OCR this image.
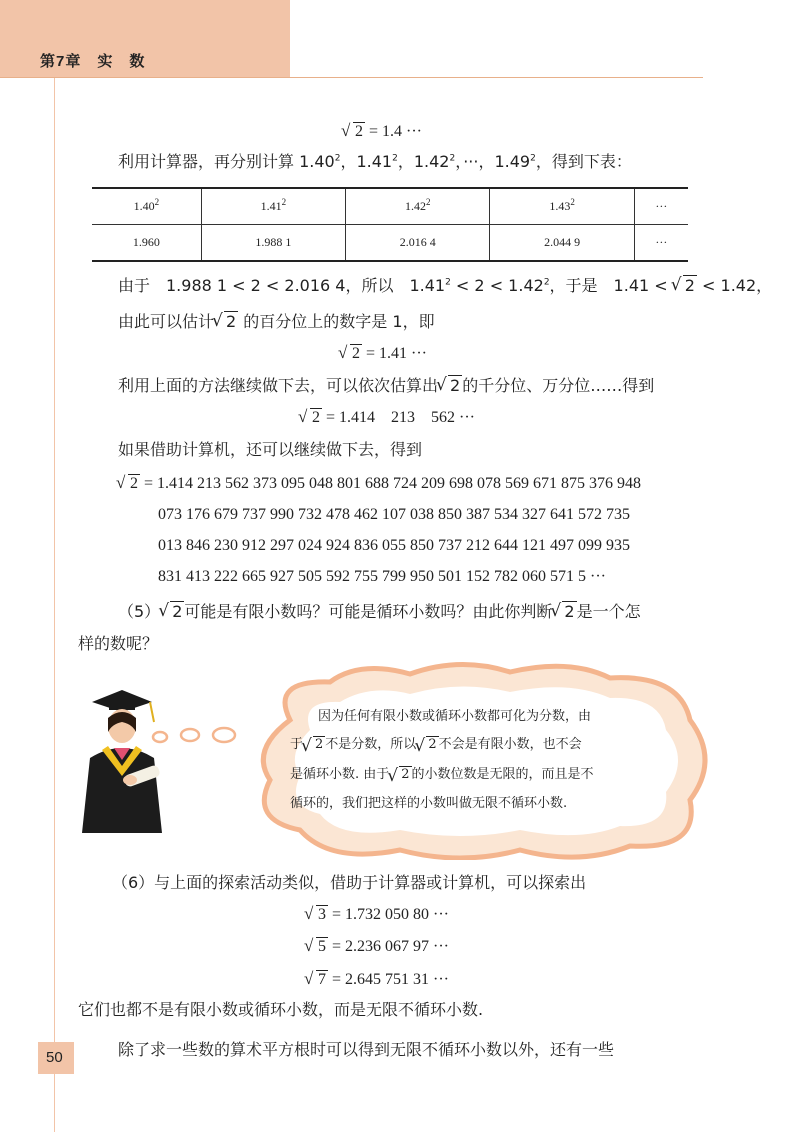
第7章　实　数
√ 2 = 1.4 ···
利用计算器，再分别计算 1.40$^2$，1.41$^2$，$1.42^2$，···，$1.49^2$，得到下表：
1.40$^2$	1.41$^2$	1.42$^2$	$1.43^2$	···
1.960	1.988 1	2.016 4	2.044 9	···
由于　1.988 1 < 2 < 2.016 4，所以　$1.41^2 < 2 < 1.42^2$，于是　1.41 < √ 2 < 1.42，
由此可以估计 √ 2 的百分位上的数字是 1，即
√ 2 = 1.41 ···
利用上面的方法继续做下去，可以依次估算出 √ 2 的千分位、万分位……得到
√ 2 = 1.414　213　562 ···
如果借助计算机，还可以继续做下去，得到
√ 2 = 1.414 213 562 373 095 048 801 688 724 209 698 078 569 671 875 376 948
073 176 679 737 990 732 478 462 107 038 850 387 534 327 641 572 735
013 846 230 912 297 024 924 836 055 850 737 212 644 121 497 099 935
831 413 222 665 927 505 592 755 799 950 501 152 782 060 571 5 ···
（5） √ 2 可能是有限小数吗？可能是循环小数吗？由此你判断 √ 2 是一个怎
样的数呢？
因为任何有限小数或循环小数都可化为分数，由
于 √ 2 不是分数，所以 √ 2 不会是有限小数，也不会
是循环小数. 由于 √ 2 的小数位数是无限的，而且是不
循环的，我们把这样的小数叫做无限不循环小数.
（6）与上面的探索活动类似，借助于计算器或计算机，可以探索出
√ 3 = 1.732 050 80 ···
√ 5 = 2.236 067 97 ···
√ 7 = 2.645 751 31 ···
它们也都不是有限小数或循环小数，而是无限不循环小数.
除了求一些数的算术平方根时可以得到无限不循环小数以外，还有一些
50
